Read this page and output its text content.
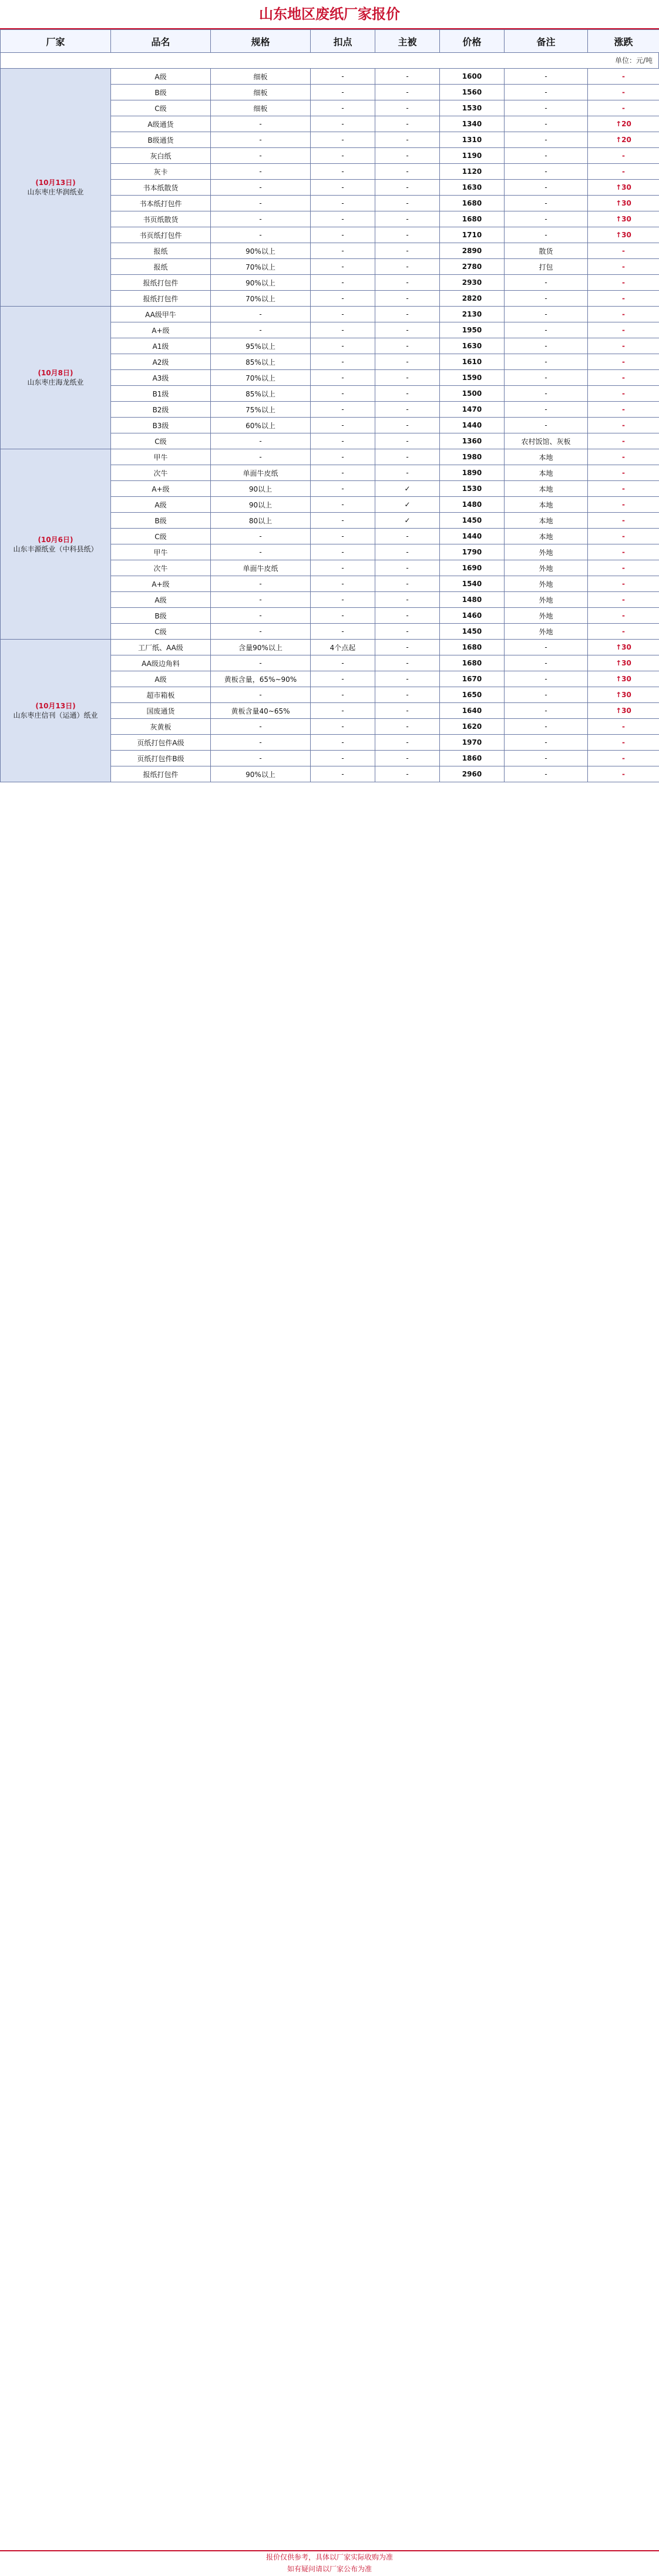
山东地区废纸厂家报价
厂家	品名	规格	扣点	主被	价格	备注	涨跌
单位：元/吨
(10月13日)
山东枣庄华润纸业	A级	细板	-	-	1600	-	-
	B级	细板	-	-	1560	-	-
	C级	细板	-	-	1530	-	-
	A级通货	-	-	-	1340	-	↑20
	B级通货	-	-	-	1310	-	↑20
	灰白纸	-	-	-	1190	-	-
	灰卡	-	-	-	1120	-	-
	书本纸散货	-	-	-	1630	-	↑30
	书本纸打包件	-	-	-	1680	-	↑30
	书页纸散货	-	-	-	1680	-	↑30
	书页纸打包件	-	-	-	1710	-	↑30
	报纸	90%以上	-	-	2890	散货	-
	报纸	70%以上	-	-	2780	打包	-
	报纸打包件	90%以上	-	-	2930	-	-
	报纸打包件	70%以上	-	-	2820	-	-

(10月8日)
山东枣庄海龙纸业	AA级甲牛	-	-	-	2130	-	-
	A+级	-	-	-	1950	-	-
	A1级	95%以上	-	-	1630	-	-
	A2级	85%以上	-	-	1610	-	-
	A3级	70%以上	-	-	1590	-	-
	B1级	85%以上	-	-	1500	-	-
	B2级	75%以上	-	-	1470	-	-
	B3级	60%以上	-	-	1440	-	-
	C级	-	-	-	1360	农村饭馆、灰板	-

(10月6日)
山东丰源纸业（中科县纸）	甲牛	-	-	-	1980	本地	-
	次牛	单面牛皮纸	-	-	1890	本地	-
	A+级	90以上	-	✓	1530	本地	-
	A级	90以上	-	✓	1480	本地	-
	B级	80以上	-	✓	1450	本地	-
	C级	-	-	-	1440	本地	-
	甲牛	-	-	-	1790	外地	-
	次牛	单面牛皮纸	-	-	1690	外地	-
	A+级	-	-	-	1540	外地	-
	A级	-	-	-	1480	外地	-
	B级	-	-	-	1460	外地	-
	C级	-	-	-	1450	外地	-

(10月13日)
山东枣庄信刊（运通）纸业	工厂纸、AA级	含量90%以上	4个点起	-	1680	-	↑30
	AA级边角料	-	-	-	1680	-	↑30
	A级	黄板含量，65%~90%	-	-	1670	-	↑30
	超市箱板	-	-	-	1650	-	↑30
	国废通货	黄板含量40~65%	-	-	1640	-	↑30
	灰黄板	-	-	-	1620	-	-
	页纸打包件A级	-	-	-	1970	-	-
	页纸打包件B级	-	-	-	1860	-	-
	报纸打包件	90%以上	-	-	2960	-	-
报价仅供参考，具体以厂家实际收购为准
如有疑问请以厂家公布为准
